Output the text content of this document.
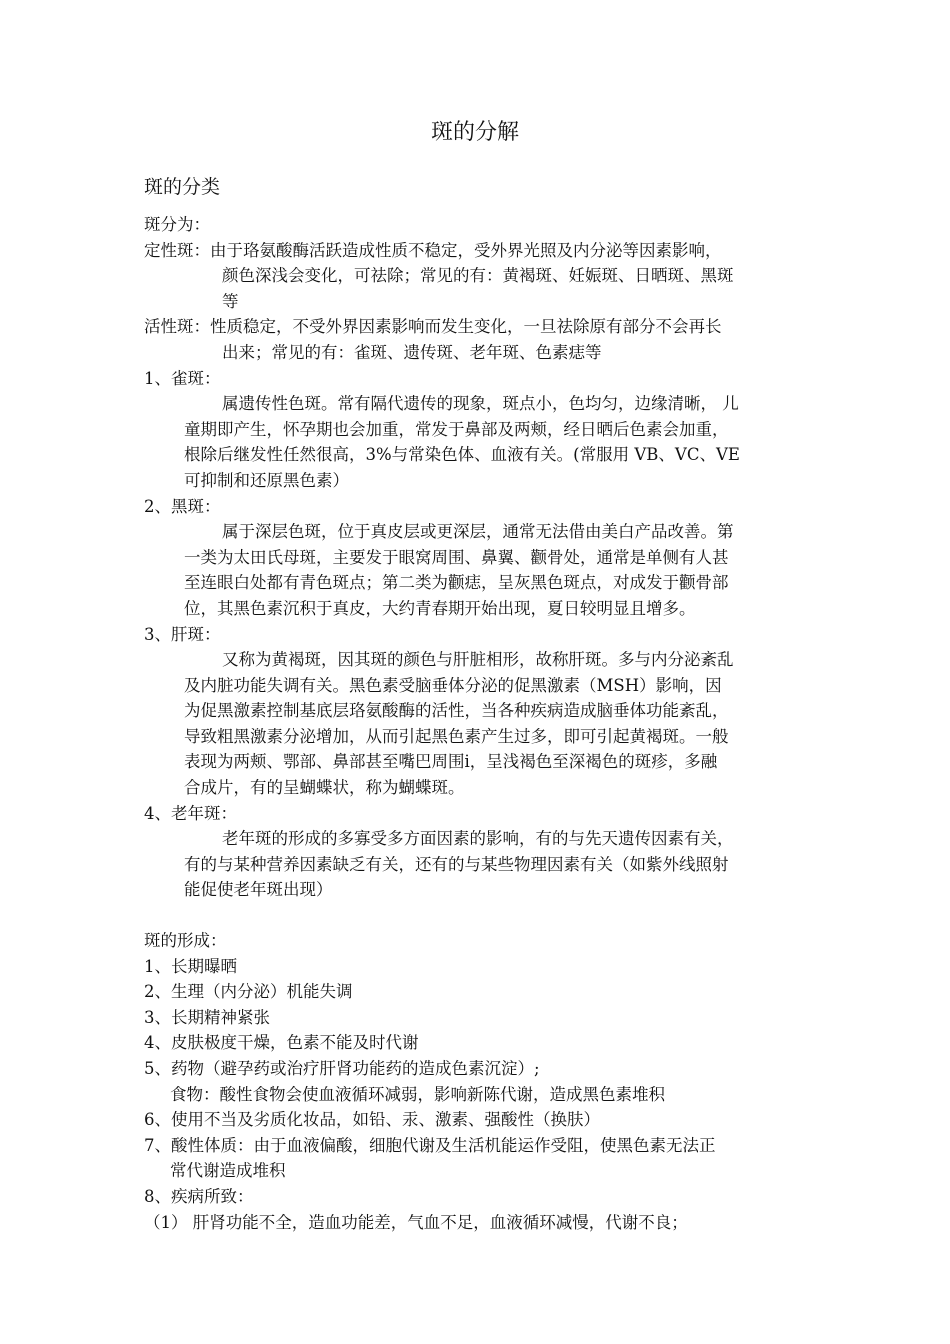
斑的分解
斑的分类
斑分为：
定性斑：由于珞氨酸酶活跃造成性质不稳定，受外界光照及内分泌等因素影响，
颜色深浅会变化，可祛除；常见的有：黄褐斑、妊娠斑、日晒斑、黑斑
等
活性斑：性质稳定，不受外界因素影响而发生变化，一旦祛除原有部分不会再长
出来；常见的有：雀斑、遗传斑、老年斑、色素痣等
1、雀斑：
属遗传性色斑。常有隔代遗传的现象，斑点小，色均匀，边缘清晰， 儿
童期即产生，怀孕期也会加重，常发于鼻部及两颊，经日晒后色素会加重，
根除后继发性任然很高，3%与常染色体、血液有关。(常服用 VB、VC、VE
可抑制和还原黑色素）
2、黑斑：
属于深层色斑，位于真皮层或更深层，通常无法借由美白产品改善。第
一类为太田氏母斑，主要发于眼窝周围、鼻翼、颧骨处，通常是单侧有人甚
至连眼白处都有青色斑点；第二类为颧痣，呈灰黑色斑点，对成发于颧骨部
位，其黑色素沉积于真皮，大约青春期开始出现，夏日较明显且增多。
3、肝斑：
又称为黄褐斑，因其斑的颜色与肝脏相形，故称肝斑。多与内分泌紊乱
及内脏功能失调有关。黑色素受脑垂体分泌的促黑激素（MSH）影响，因
为促黑激素控制基底层珞氨酸酶的活性，当各种疾病造成脑垂体功能紊乱，
导致粗黑激素分泌增加，从而引起黑色素产生过多，即可引起黄褐斑。一般
表现为两颊、鄂部、鼻部甚至嘴巴周围i，呈浅褐色至深褐色的斑疹，多融
合成片，有的呈蝴蝶状，称为蝴蝶斑。
4、老年斑：
老年斑的形成的多寡受多方面因素的影响，有的与先天遗传因素有关，
有的与某种营养因素缺乏有关，还有的与某些物理因素有关（如紫外线照射
能促使老年斑出现）
斑的形成：
1、长期曝晒
2、生理（内分泌）机能失调
3、长期精神紧张
4、皮肤极度干燥，色素不能及时代谢
5、药物（避孕药或治疗肝肾功能药的造成色素沉淀）;
食物：酸性食物会使血液循环减弱，影响新陈代谢，造成黑色素堆积
6、使用不当及劣质化妆品，如铅、汞、激素、强酸性（换肤）
7、酸性体质：由于血液偏酸，细胞代谢及生活机能运作受阻，使黑色素无法正
常代谢造成堆积
8、疾病所致：
（1） 肝肾功能不全，造血功能差，气血不足，血液循环减慢，代谢不良；
